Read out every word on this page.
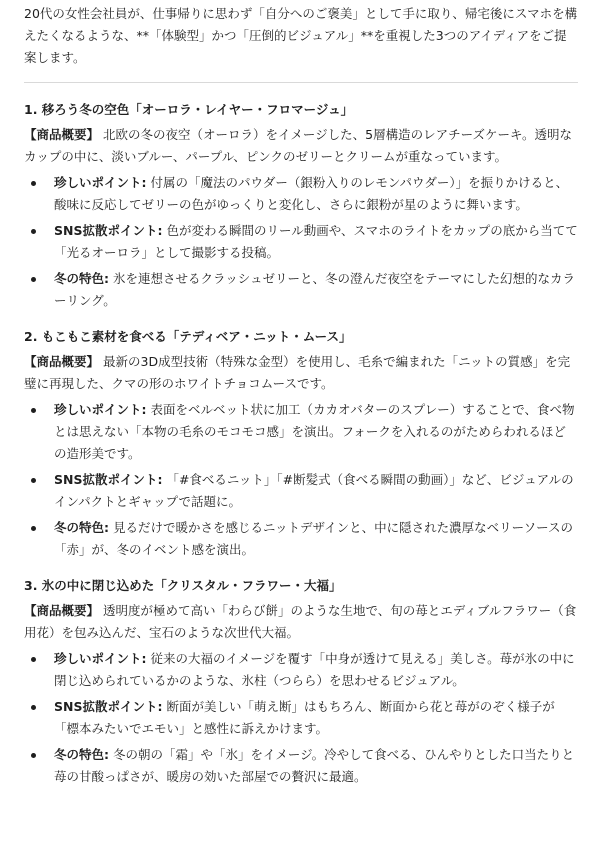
20代の女性会社員が、仕事帰りに思わず「自分へのご褒美」として手に取り、帰宅後にスマホを構えたくなるような、**「体験型」かつ「圧倒的ビジュアル」**を重視した3つのアイディアをご提案します。

1. 移ろう冬の空色「オーロラ・レイヤー・フロマージュ」

【商品概要】 北欧の冬の夜空（オーロラ）をイメージした、5層構造のレアチーズケーキ。透明なカップの中に、淡いブルー、パープル、ピンクのゼリーとクリームが重なっています。

珍しいポイント: 付属の「魔法のパウダー（銀粉入りのレモンパウダー）」を振りかけると、酸味に反応してゼリーの色がゆっくりと変化し、さらに銀粉が星のように舞います。
SNS拡散ポイント: 色が変わる瞬間のリール動画や、スマホのライトをカップの底から当てて「光るオーロラ」として撮影する投稿。
冬の特色: 氷を連想させるクラッシュゼリーと、冬の澄んだ夜空をテーマにした幻想的なカラーリング。
2. もこもこ素材を食べる「テディベア・ニット・ムース」

【商品概要】 最新の3D成型技術（特殊な金型）を使用し、毛糸で編まれた「ニットの質感」を完璧に再現した、クマの形のホワイトチョコムースです。

珍しいポイント: 表面をベルベット状に加工（カカオバターのスプレー）することで、食べ物とは思えない「本物の毛糸のモコモコ感」を演出。フォークを入れるのがためらわれるほどの造形美です。
SNS拡散ポイント: 「#食べるニット」「#断髪式（食べる瞬間の動画）」など、ビジュアルのインパクトとギャップで話題に。
冬の特色: 見るだけで暖かさを感じるニットデザインと、中に隠された濃厚なベリーソースの「赤」が、冬のイベント感を演出。
3. 氷の中に閉じ込めた「クリスタル・フラワー・大福」

【商品概要】 透明度が極めて高い「わらび餅」のような生地で、旬の苺とエディブルフラワー（食用花）を包み込んだ、宝石のような次世代大福。

珍しいポイント: 従来の大福のイメージを覆す「中身が透けて見える」美しさ。苺が氷の中に閉じ込められているかのような、氷柱（つらら）を思わせるビジュアル。
SNS拡散ポイント: 断面が美しい「萌え断」はもちろん、断面から花と苺がのぞく様子が「標本みたいでエモい」と感性に訴えかけます。
冬の特色: 冬の朝の「霜」や「氷」をイメージ。冷やして食べる、ひんやりとした口当たりと苺の甘酸っぱさが、暖房の効いた部屋での贅沢に最適。
